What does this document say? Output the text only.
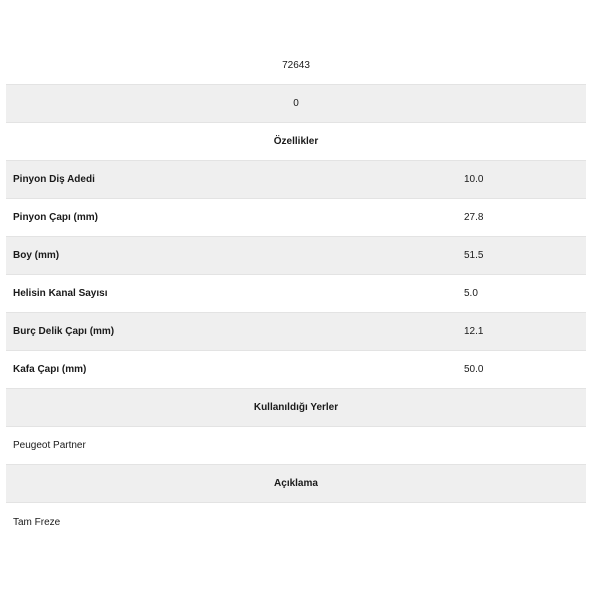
72643
0
Özellikler
Pinyon Diş Adedi	10.0
Pinyon Çapı (mm)	27.8
Boy (mm)	51.5
Helisin Kanal Sayısı	5.0
Burç Delik Çapı (mm)	12.1
Kafa Çapı (mm)	50.0
Kullanıldığı Yerler
Peugeot Partner
Açıklama
Tam Freze
